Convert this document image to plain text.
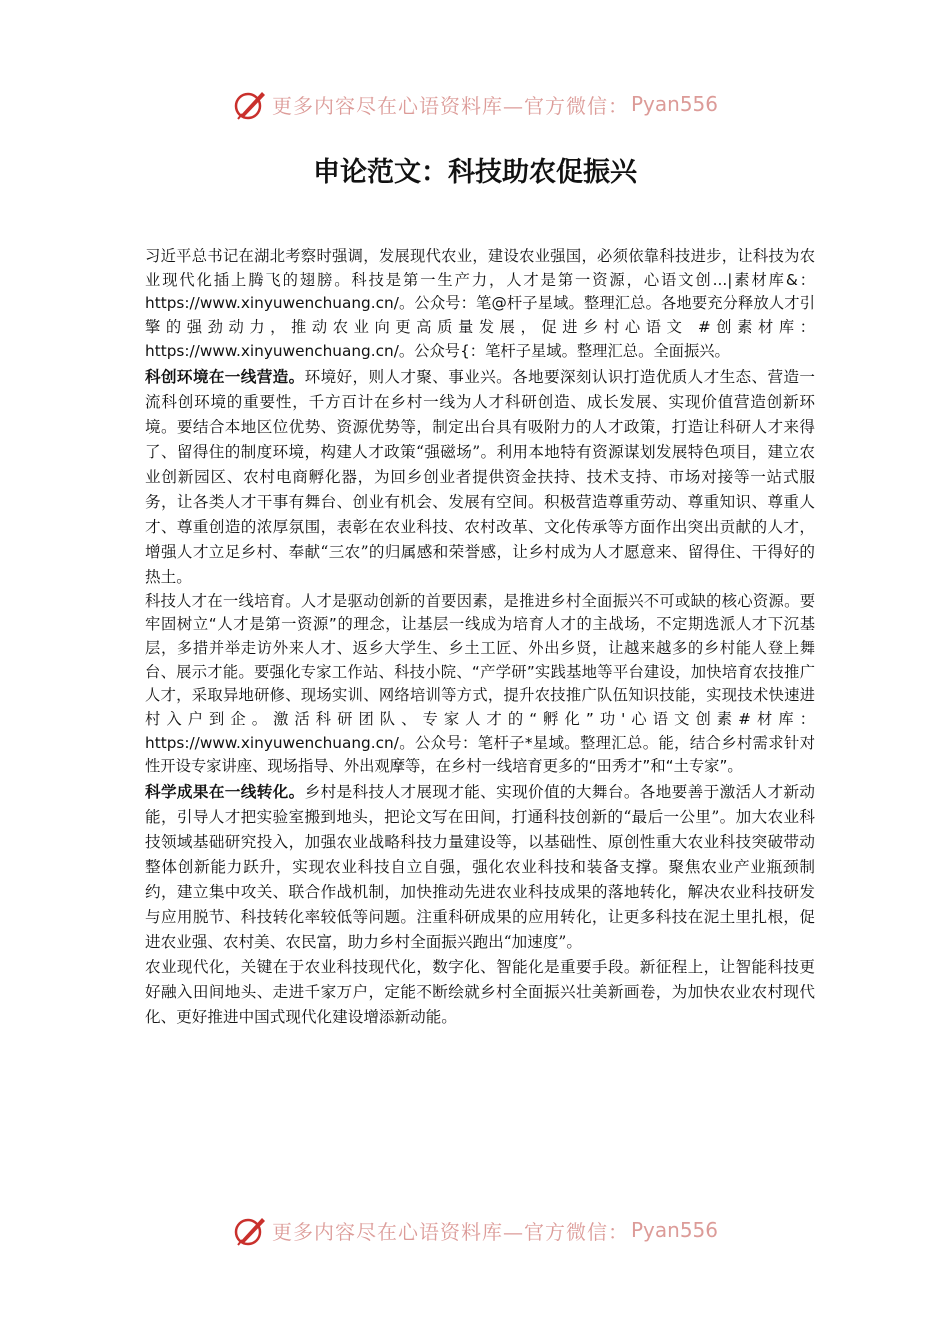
更多内容尽在心语资料库—官方微信： Pyan556
申论范文：科技助农促振兴

习近平总书记在湖北考察时强调，发展现代农业，建设农业强国，必须依靠科技进步，让科技为农业现代化插上腾飞的翅膀。科技是第一生产力，人才是第一资源，心语文创...|素材库&：https://www.xinyuwenchuang.cn/。公众号：笔@杆子星域。整理汇总。各地要充分释放人才引擎的强劲动力，推动农业向更高质量发展，促进乡村心语文 #创素材库：https://www.xinyuwenchuang.cn/。公众号{：笔杆子星域。整理汇总。全面振兴。

科创环境在一线营造。环境好，则人才聚、事业兴。各地要深刻认识打造优质人才生态、营造一流科创环境的重要性，千方百计在乡村一线为人才科研创造、成长发展、实现价值营造创新环境。要结合本地区位优势、资源优势等，制定出台具有吸附力的人才政策，打造让科研人才来得了、留得住的制度环境，构建人才政策“强磁场”。利用本地特有资源谋划发展特色项目，建立农业创新园区、农村电商孵化器，为回乡创业者提供资金扶持、技术支持、市场对接等一站式服务，让各类人才干事有舞台、创业有机会、发展有空间。积极营造尊重劳动、尊重知识、尊重人才、尊重创造的浓厚氛围，表彰在农业科技、农村改革、文化传承等方面作出突出贡献的人才，增强人才立足乡村、奉献“三农”的归属感和荣誉感，让乡村成为人才愿意来、留得住、干得好的热土。

科技人才在一线培育。人才是驱动创新的首要因素，是推进乡村全面振兴不可或缺的核心资源。要牢固树立“人才是第一资源”的理念，让基层一线成为培育人才的主战场，不定期选派人才下沉基层，多措并举走访外来人才、返乡大学生、乡土工匠、外出乡贤，让越来越多的乡村能人登上舞台、展示才能。要强化专家工作站、科技小院、“产学研”实践基地等平台建设，加快培育农技推广人才，采取异地研修、现场实训、网络培训等方式，提升农技推广队伍知识技能，实现技术快速进村入户到企。激活科研团队、专家人才的“孵化”功'心语文创素#材库：https://www.xinyuwenchuang.cn/。公众号：笔杆子*星域。整理汇总。能，结合乡村需求针对性开设专家讲座、现场指导、外出观摩等，在乡村一线培育更多的“田秀才”和“土专家”。

科学成果在一线转化。乡村是科技人才展现才能、实现价值的大舞台。各地要善于激活人才新动能，引导人才把实验室搬到地头，把论文写在田间，打通科技创新的“最后一公里”。加大农业科技领域基础研究投入，加强农业战略科技力量建设等，以基础性、原创性重大农业科技突破带动整体创新能力跃升，实现农业科技自立自强，强化农业科技和装备支撑。聚焦农业产业瓶颈制约，建立集中攻关、联合作战机制，加快推动先进农业科技成果的落地转化，解决农业科技研发与应用脱节、科技转化率较低等问题。注重科研成果的应用转化，让更多科技在泥土里扎根，促进农业强、农村美、农民富，助力乡村全面振兴跑出“加速度”。

农业现代化，关键在于农业科技现代化，数字化、智能化是重要手段。新征程上，让智能科技更好融入田间地头、走进千家万户，定能不断绘就乡村全面振兴壮美新画卷，为加快农业农村现代化、更好推进中国式现代化建设增添新动能。

更多内容尽在心语资料库—官方微信： Pyan556
